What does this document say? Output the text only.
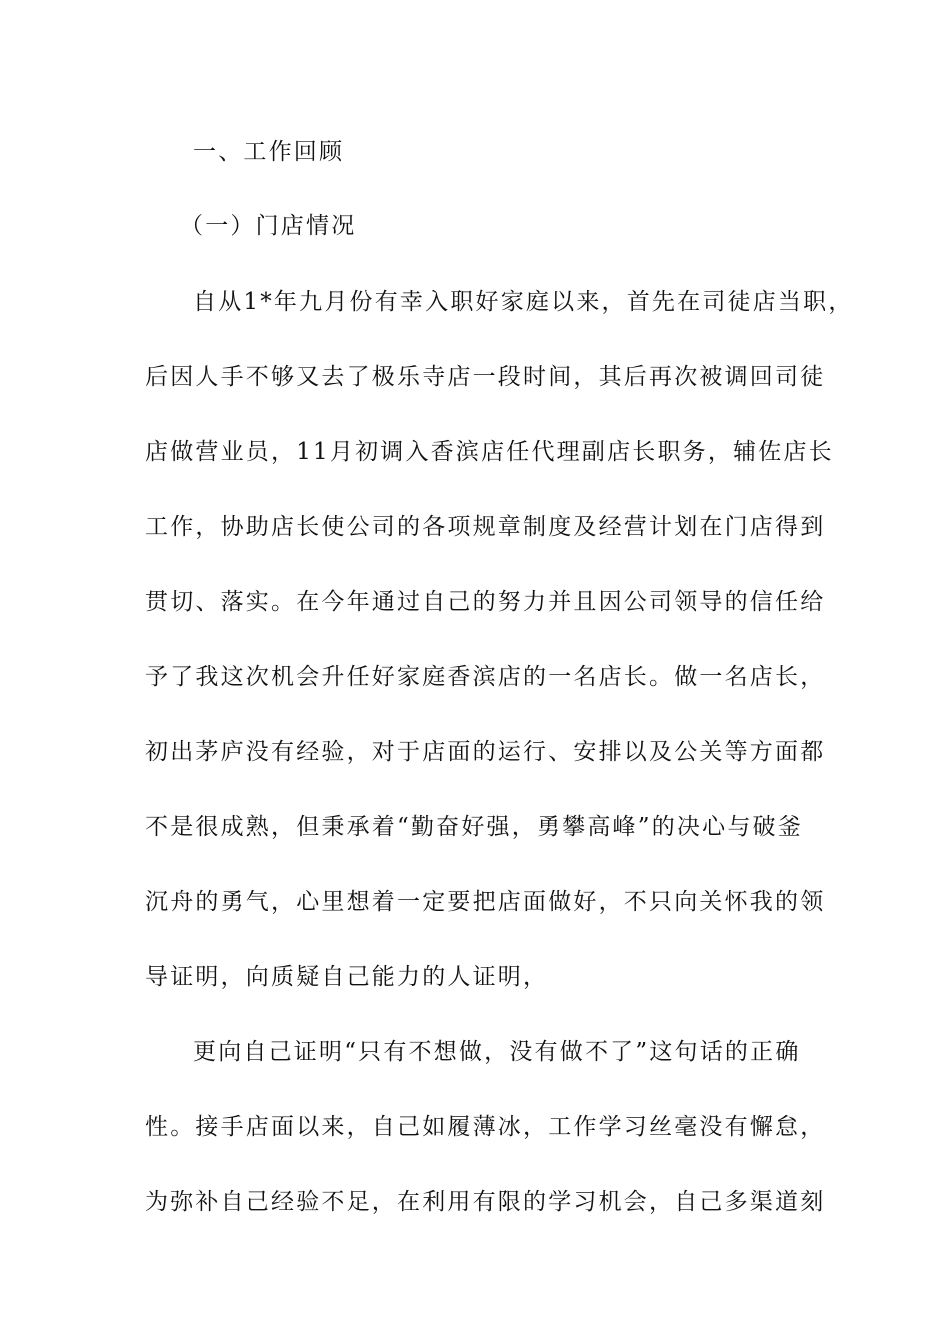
一、工作回顾
（一）门店情况
自从1*年九月份有幸入职好家庭以来，首先在司徒店当职，
后因人手不够又去了极乐寺店一段时间，其后再次被调回司徒
店做营业员，11月初调入香滨店任代理副店长职务，辅佐店长
工作，协助店长使公司的各项规章制度及经营计划在门店得到
贯切、落实。在今年通过自己的努力并且因公司领导的信任给
予了我这次机会升任好家庭香滨店的一名店长。做一名店长，
初出茅庐没有经验，对于店面的运行、安排以及公关等方面都
不是很成熟，但秉承着“勤奋好强，勇攀高峰”的决心与破釜
沉舟的勇气，心里想着一定要把店面做好，不只向关怀我的领
导证明，向质疑自己能力的人证明，
更向自己证明“只有不想做，没有做不了”这句话的正确
性。接手店面以来，自己如履薄冰，工作学习丝毫没有懈怠，
为弥补自己经验不足，在利用有限的学习机会，自己多渠道刻
